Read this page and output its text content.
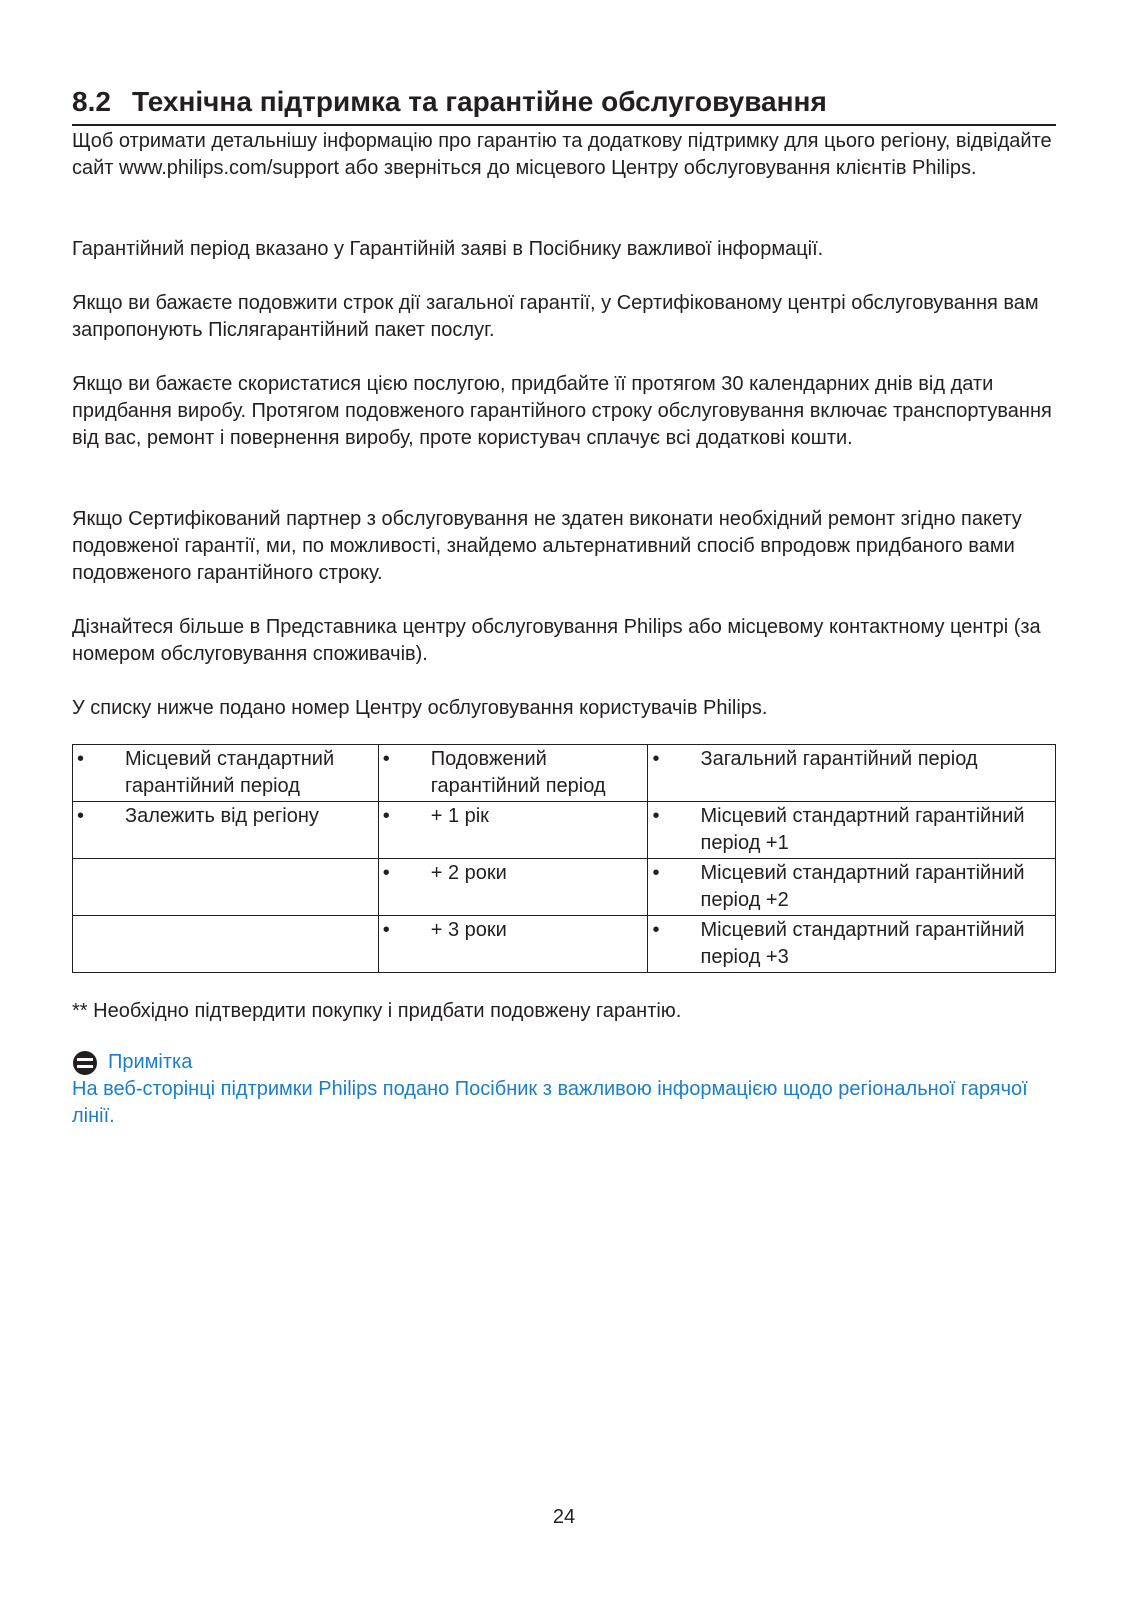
8.2 Технічна підтримка та гарантійне обслуговування

Щоб отримати детальнішу інформацію про гарантію та додаткову підтримку для цього регіону, відвідайте сайт www.philips.com/support або зверніться до місцевого Центру обслуговування клієнтів Philips.

Гарантійний період вказано у Гарантійній заяві в Посібнику важливої інформації.

Якщо ви бажаєте подовжити строк дії загальної гарантії, у Сертифікованому центрі обслуговування вам запропонують Післягарантійний пакет послуг.

Якщо ви бажаєте скористатися цією послугою, придбайте її протягом 30 календарних днів від дати придбання виробу. Протягом подовженого гарантійного строку обслуговування включає транспортування від вас, ремонт і повернення виробу, проте користувач сплачує всі додаткові кошти.

Якщо Сертифікований партнер з обслуговування не здатен виконати необхідний ремонт згідно пакету подовженої гарантії, ми, по можливості, знайдемо альтернативний спосіб впродовж придбаного вами подовженого гарантійного строку.

Дізнайтеся більше в Представника центру обслуговування Philips або місцевому контактному центрі (за номером обслуговування споживачів).

У списку нижче подано номер Центру осблуговування користувачів Philips.

• Місцевий стандартний гарантійний період	• Подовжений гарантійний період	• Загальний гарантійний період

• Залежить від регіону	• + 1 рік	• Місцевий стандартний гарантійний період +1

	• + 2 роки	• Місцевий стандартний гарантійний період +2

	• + 3 роки	• Місцевий стандартний гарантійний період +3

** Необхідно підтвердити покупку і придбати подовжену гарантію.

Примітка

На веб-сторінці підтримки Philips подано Посібник з важливою інформацією щодо регіональної гарячої лінії.

24
